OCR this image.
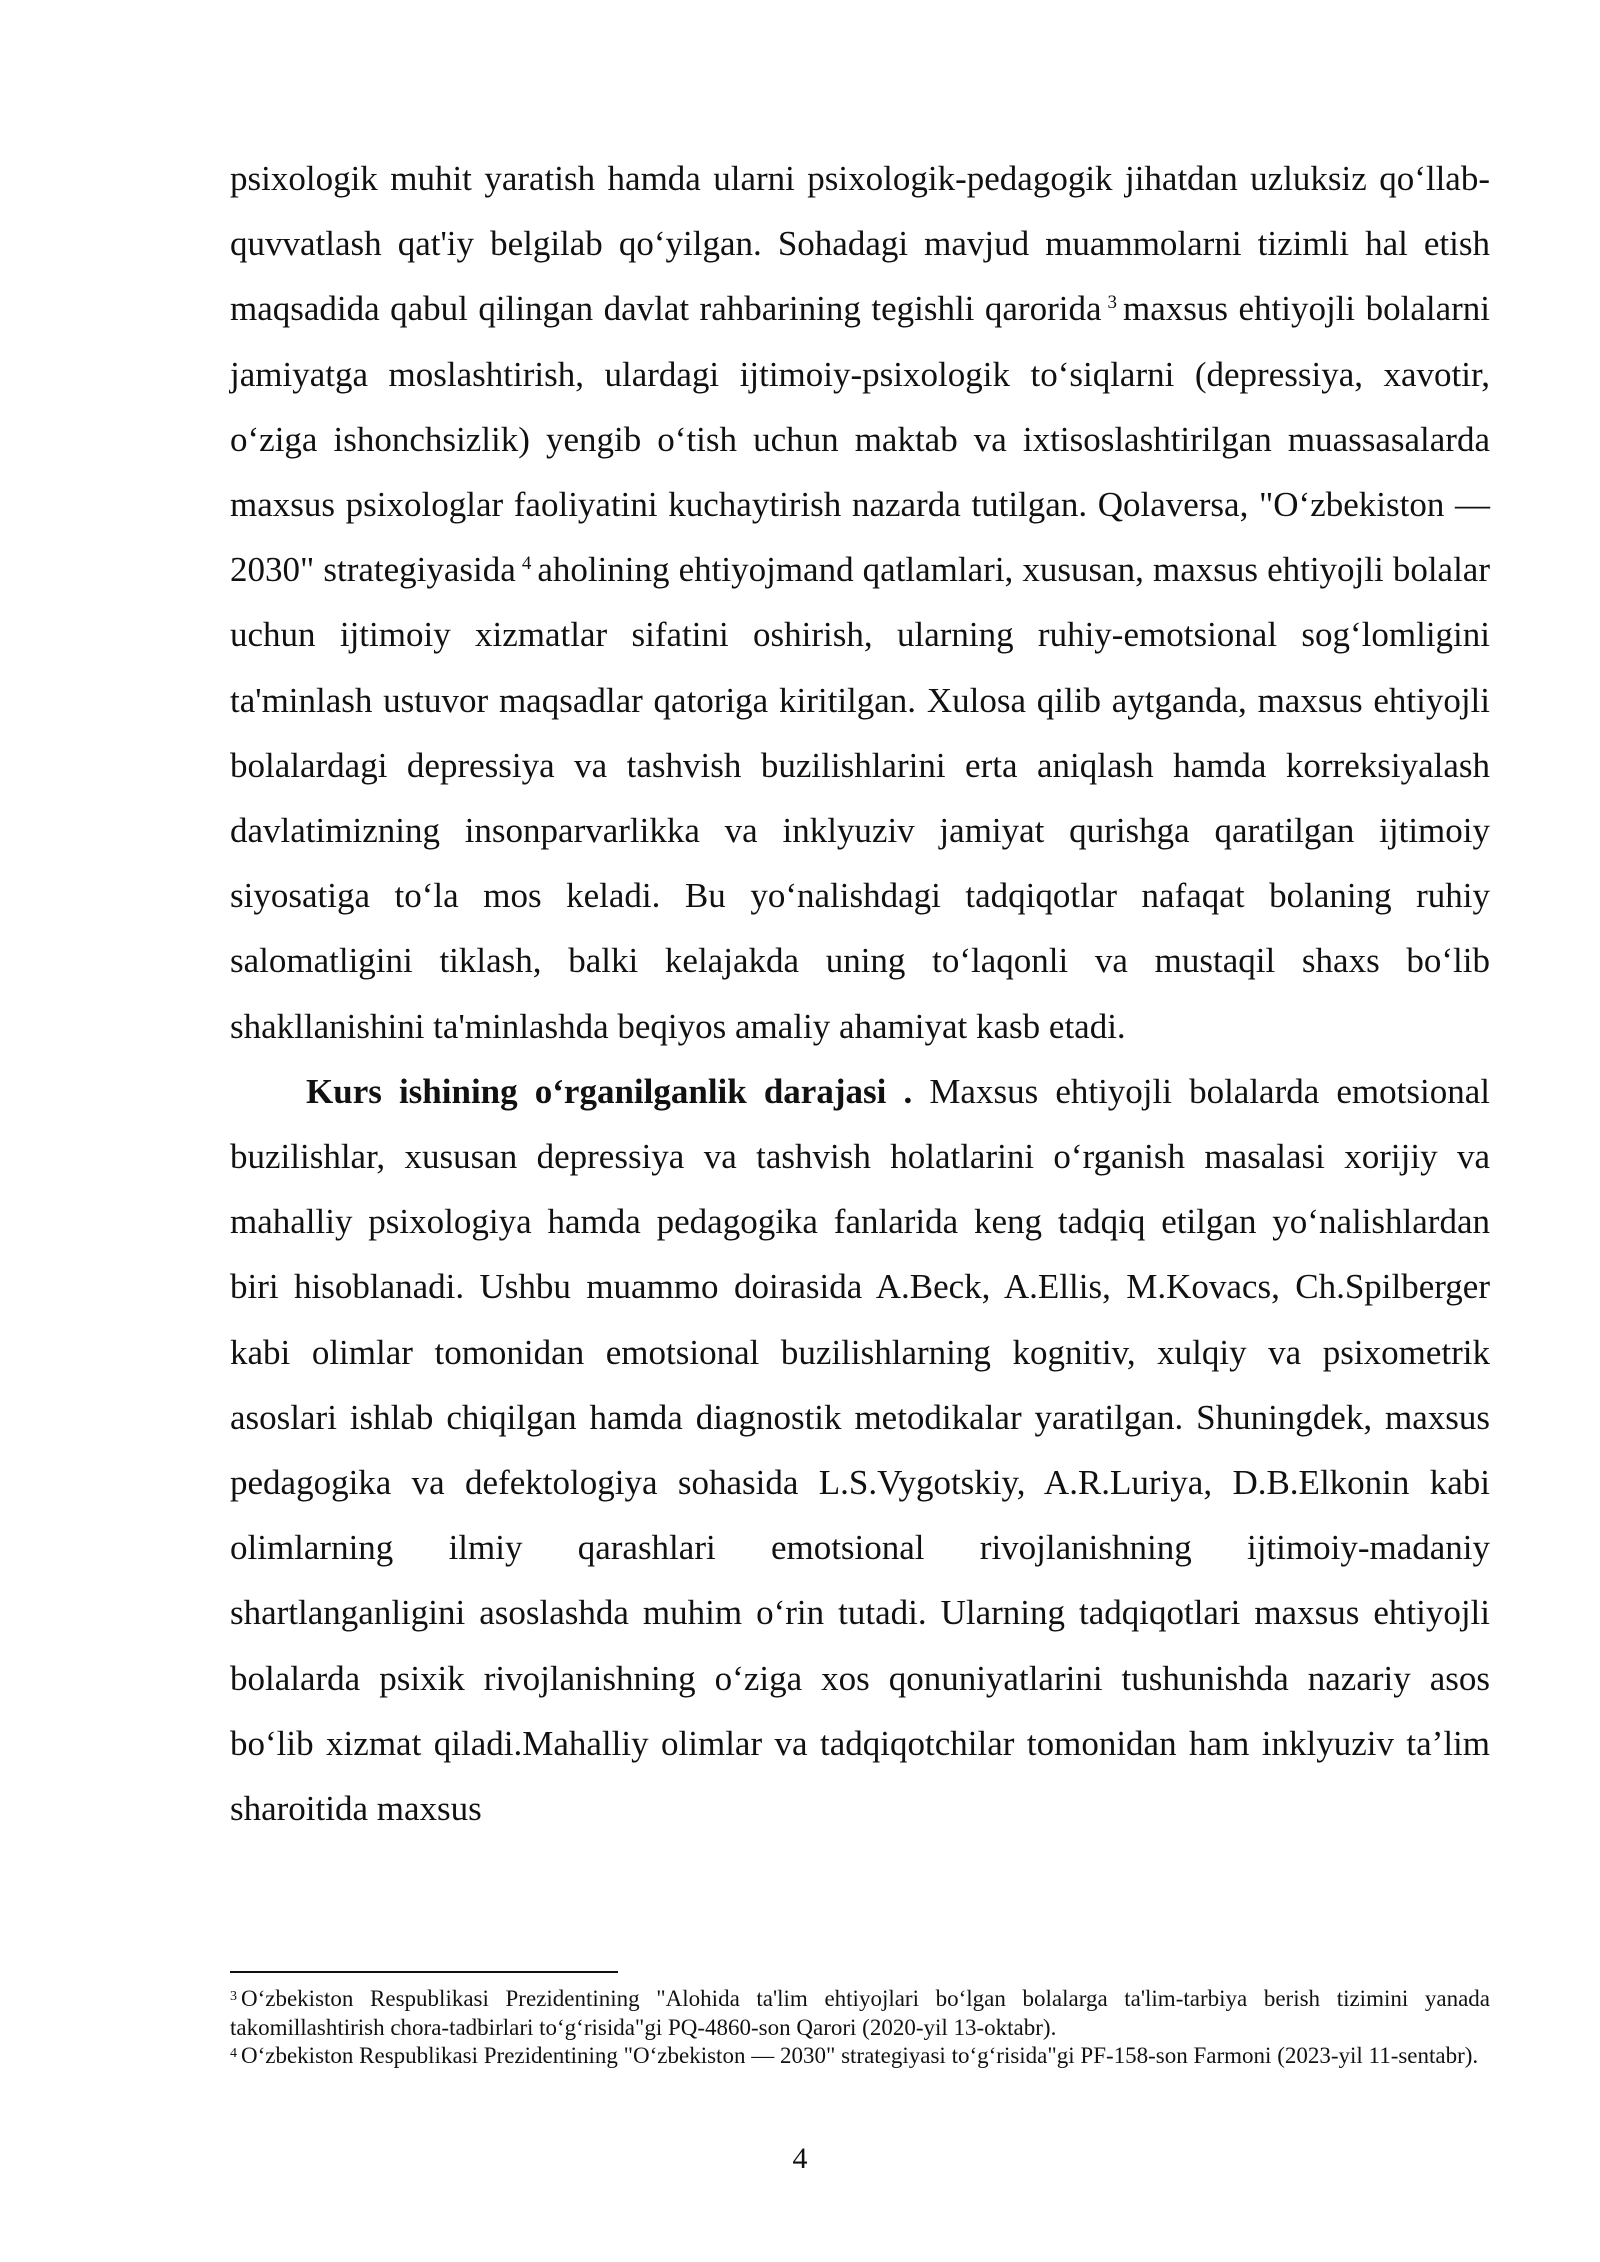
psixologik muhit yaratish hamda ularni psixologik-pedagogik jihatdan uzluksiz qo‘llab-quvvatlash qat'iy belgilab qo‘yilgan. Sohadagi mavjud muammolarni tizimli hal etish maqsadida qabul qilingan davlat rahbarining tegishli qarorida $^3$ maxsus ehtiyojli bolalarni jamiyatga moslashtirish, ulardagi ijtimoiy-psixologik to‘siqlarni (depressiya, xavotir, o‘ziga ishonchsizlik) yengib o‘tish uchun maktab va ixtisoslashtirilgan muassasalarda maxsus psixologlar faoliyatini kuchaytirish nazarda tutilgan. Qolaversa, "O‘zbekiston — 2030" strategiyasida $^4$ aholining ehtiyojmand qatlamlari, xususan, maxsus ehtiyojli bolalar uchun ijtimoiy xizmatlar sifatini oshirish, ularning ruhiy-emotsional sog‘lomligini ta'minlash ustuvor maqsadlar qatoriga kiritilgan. Xulosa qilib aytganda, maxsus ehtiyojli bolalardagi depressiya va tashvish buzilishlarini erta aniqlash hamda korreksiyalash davlatimizning insonparvarlikka va inklyuziv jamiyat qurishga qaratilgan ijtimoiy siyosatiga to‘la mos keladi. Bu yo‘nalishdagi tadqiqotlar nafaqat bolaning ruhiy salomatligini tiklash, balki kelajakda uning to‘laqonli va mustaqil shaxs bo‘lib shakllanishini ta'minlashda beqiyos amaliy ahamiyat kasb etadi.

Kurs ishining o‘rganilganlik darajasi . Maxsus ehtiyojli bolalarda emotsional buzilishlar, xususan depressiya va tashvish holatlarini o‘rganish masalasi xorijiy va mahalliy psixologiya hamda pedagogika fanlarida keng tadqiq etilgan yo‘nalishlardan biri hisoblanadi. Ushbu muammo doirasida A.Beck, A.Ellis, M.Kovacs, Ch.Spilberger kabi olimlar tomonidan emotsional buzilishlarning kognitiv, xulqiy va psixometrik asoslari ishlab chiqilgan hamda diagnostik metodikalar yaratilgan. Shuningdek, maxsus pedagogika va defektologiya sohasida L.S.Vygotskiy, A.R.Luriya, D.B.Elkonin kabi olimlarning ilmiy qarashlari emotsional rivojlanishning ijtimoiy-madaniy shartlanganligini asoslashda muhim o‘rin tutadi. Ularning tadqiqotlari maxsus ehtiyojli bolalarda psixik rivojlanishning o‘ziga xos qonuniyatlarini tushunishda nazariy asos bo‘lib xizmat qiladi.Mahalliy olimlar va tadqiqotchilar tomonidan ham inklyuziv ta’lim sharoitida maxsus

$^3$ O‘zbekiston Respublikasi Prezidentining "Alohida ta'lim ehtiyojlari bo‘lgan bolalarga ta'lim-tarbiya berish tizimini yanada takomillashtirish chora-tadbirlari to‘g‘risida"gi PQ-4860-son Qarori (2020-yil 13-oktabr).

$^4$ O‘zbekiston Respublikasi Prezidentining "O‘zbekiston — 2030" strategiyasi to‘g‘risida"gi PF-158-son Farmoni (2023-yil 11-sentabr).

4
